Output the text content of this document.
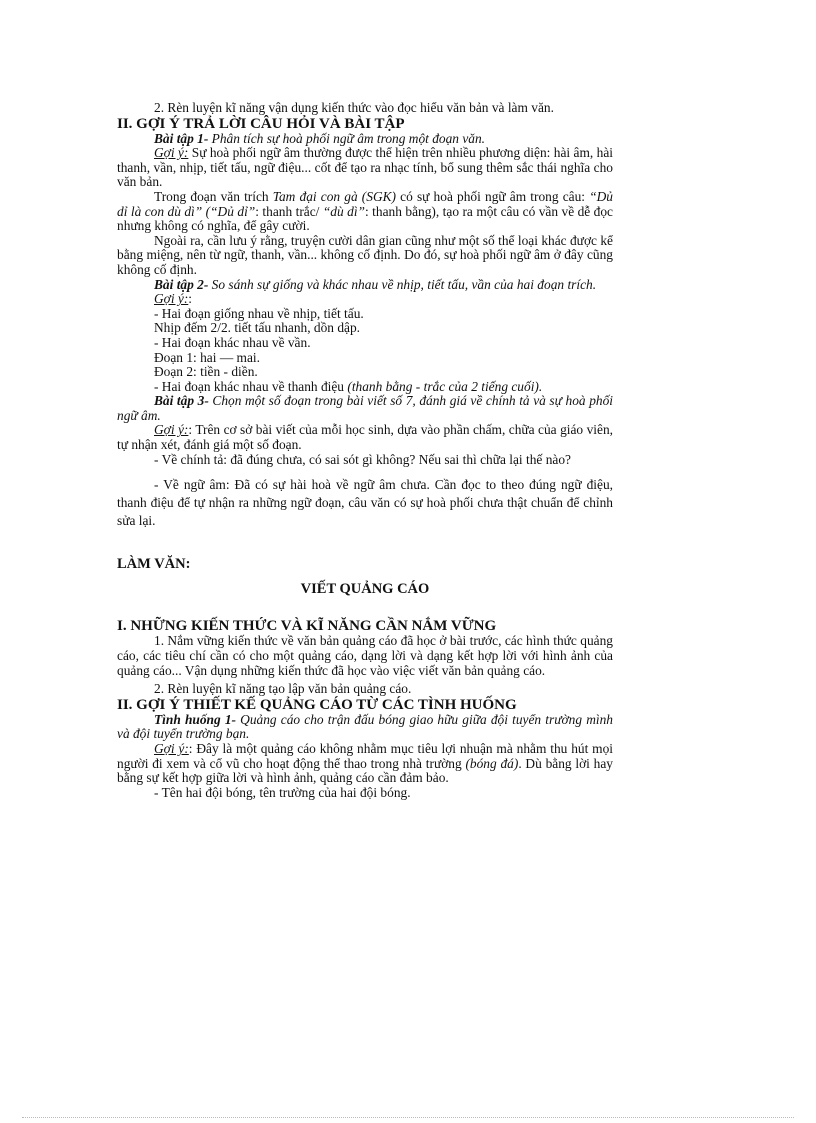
2. Rèn luyện kĩ năng vận dụng kiến thức vào đọc hiểu văn bản và làm văn.

II. GỢI Ý TRẢ LỜI CÂU HỎI VÀ BÀI TẬP

Bài tập 1- Phân tích sự hoà phối ngữ âm trong một đoạn văn.

Gợi ý: Sự hoà phối ngữ âm thường được thể hiện trên nhiều phương diện: hài âm, hài thanh, vần, nhịp, tiết tấu, ngữ điệu... cốt để tạo ra nhạc tính, bổ sung thêm sắc thái nghĩa cho văn bản.

Trong đoạn văn trích Tam đại con gà (SGK) có sự hoà phối ngữ âm trong câu: “Dủ dỉ là con dù dì” (“Dủ dỉ”: thanh trắc/ “dù dì”: thanh bằng), tạo ra một câu có vần về dễ đọc nhưng không có nghĩa, để gây cười.

Ngoài ra, cần lưu ý rằng, truyện cười dân gian cũng như một số thể loại khác được kể bằng miệng, nên từ ngữ, thanh, vần... không cố định. Do đó, sự hoà phối ngữ âm ở đây cũng không cố định.

Bài tập 2- So sánh sự giống và khác nhau về nhịp, tiết tấu, vần của hai đoạn trích.

Gợi ý::

- Hai đoạn giống nhau về nhịp, tiết tấu.

Nhịp đếm 2/2. tiết tấu nhanh, dồn dập.

- Hai đoạn khác nhau về vần.

Đoạn 1: hai — mai.

Đoạn 2: tiền - diền.

- Hai đoạn khác nhau về thanh điệu (thanh bằng - trắc của 2 tiếng cuối).

Bài tập 3- Chọn một số đoạn trong bài viết số 7, đánh giá về chính tả và sự hoà phối ngữ âm.

Gợi ý:: Trên cơ sở bài viết của mỗi học sinh, dựa vào phần chấm, chữa của giáo viên, tự nhận xét, đánh giá một số đoạn.

- Về chính tả: đã đúng chưa, có sai sót gì không? Nếu sai thì chữa lại thế nào?

- Về ngữ âm: Đã có sự hài hoà về ngữ âm chưa. Cần đọc to theo đúng ngữ điệu, thanh điệu để tự nhận ra những ngữ đoạn, câu văn có sự hoà phối chưa thật chuẩn để chỉnh sửa lại.

LÀM VĂN:

VIẾT QUẢNG CÁO

I. NHỮNG KIẾN THỨC VÀ KĨ NĂNG CẦN NẮM VỮNG

1. Nắm vững kiến thức về văn bản quảng cáo đã học ở bài trước, các hình thức quảng cáo, các tiêu chí cần có cho một quảng cáo, dạng lời và dạng kết hợp lời với hình ảnh của quảng cáo... Vận dụng những kiến thức đã học vào việc viết văn bản quảng cáo.

2. Rèn luyện kĩ năng tạo lập văn bản quảng cáo.

II. GỢI Ý THIẾT KẾ QUẢNG CÁO TỪ CÁC TÌNH HUỐNG

Tình huống 1- Quảng cáo cho trận đấu bóng giao hữu giữa đội tuyển trường mình và đội tuyển trường bạn.

Gợi ý:: Đây là một quảng cáo không nhằm mục tiêu lợi nhuận mà nhằm thu hút mọi người đi xem và cổ vũ cho hoạt động thể thao trong nhà trường (bóng đá). Dù bằng lời hay bằng sự kết hợp giữa lời và hình ảnh, quảng cáo cần đảm bảo.

- Tên hai đội bóng, tên trường của hai đội bóng.
